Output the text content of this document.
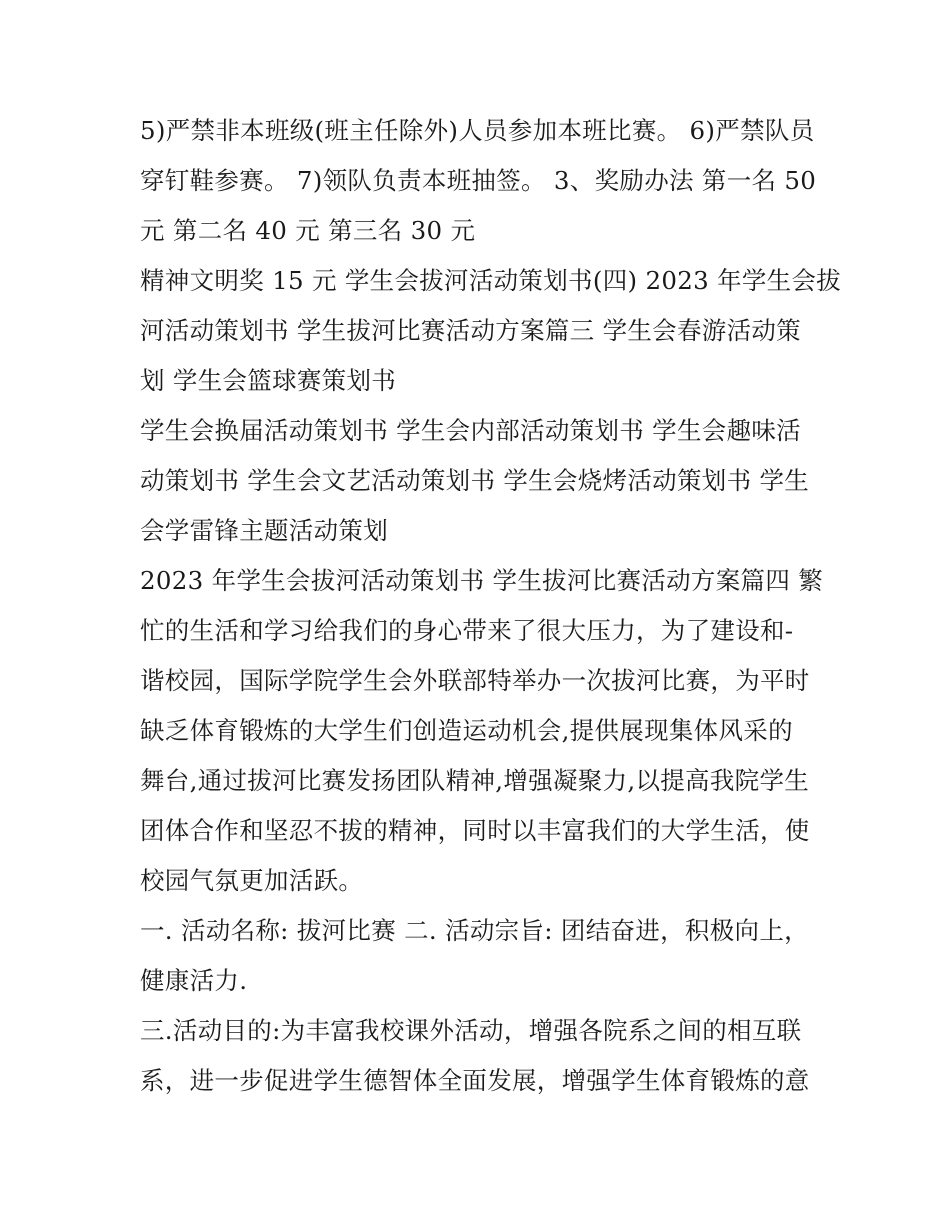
5)严禁非本班级(班主任除外)人员参加本班比赛。 6)严禁队员
穿钉鞋参赛。 7)领队负责本班抽签。 3、奖励办法 第一名 50
元 第二名 40 元 第三名 30 元

精神文明奖 15 元 学生会拔河活动策划书(四) 2023 年学生会拔
河活动策划书 学生拔河比赛活动方案篇三 学生会春游活动策
划 学生会篮球赛策划书

学生会换届活动策划书 学生会内部活动策划书 学生会趣味活
动策划书 学生会文艺活动策划书 学生会烧烤活动策划书 学生
会学雷锋主题活动策划

2023 年学生会拔河活动策划书 学生拔河比赛活动方案篇四 繁
忙的生活和学习给我们的身心带来了很大压力，为了建设和-
谐校园，国际学院学生会外联部特举办一次拔河比赛，为平时
缺乏体育锻炼的大学生们创造运动机会,提供展现集体风采的
舞台,通过拔河比赛发扬团队精神,增强凝聚力,以提高我院学生
团体合作和坚忍不拔的精神，同时以丰富我们的大学生活，使
校园气氛更加活跃。

一. 活动名称: 拔河比赛 二. 活动宗旨: 团结奋进，积极向上，
健康活力.

三.活动目的:为丰富我校课外活动，增强各院系之间的相互联
系，进一步促进学生德智体全面发展，增强学生体育锻炼的意
